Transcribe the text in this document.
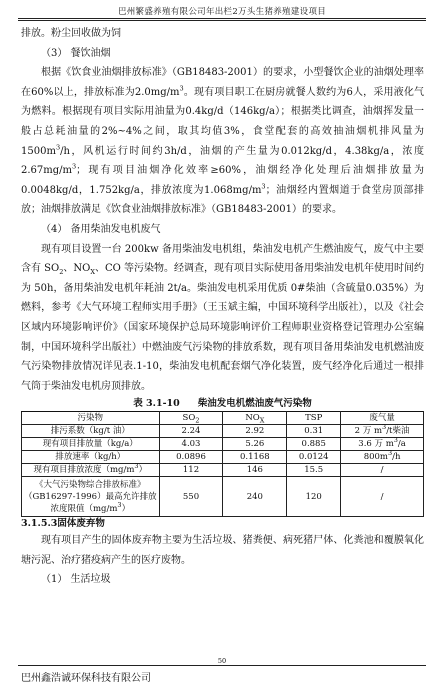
巴州繁盛养殖有限公司年出栏2万头生猪养殖建设项目

排放。粉尘回收做为饲

（3） 餐饮油烟

根据《饮食业油烟排放标准》（GB18483-2001）的要求，小型餐饮企业的油烟处理率在60%以上，排放标准为$2.0mg/m^3$。现有项目职工在厨房就餐人数约为6人，采用液化气为燃料。根据现有项目实际用油量为0.4kg/d（146kg/a）；根据类比调查，油烟挥发量一般占总耗油量的2%~4%之间，取其均值3%，食堂配套的高效抽油烟机排风量为$1500m^3/h$，风机运行时间约3h/d，油烟的产生量为0.012kg/d，4.38kg/a，浓度$2.67mg/m^3$；现有项目油烟净化效率≥60%，油烟经净化处理后油烟排放量为0.0048kg/d，1.752kg/a，排放浓度为$1.068mg/m^3$；油烟经内置烟道于食堂房顶部排放；油烟排放满足《饮食业油烟排放标准》（GB18483-2001）的要求。

（4） 备用柴油发电机废气

现有项目设置一台 200kw 备用柴油发电机组，柴油发电机产生燃油废气，废气中主要含有 $SO_2$、$NO_X$、CO 等污染物。经调查，现有项目实际使用备用柴油发电机年使用时间约为 50h，备用柴油发电机年耗油 2t/a。柴油发电机采用优质 0#柴油（含硫量0.035%）为燃料，参考《大气环境工程师实用手册》（王玉斌主编，中国环境科学出版社），以及《社会区域内环境影响评价》（国家环境保护总局环境影响评价工程师职业资格登记管理办公室编制，中国环境科学出版社）中燃油废气污染物的排放系数，现有项目备用柴油发电机燃油废气污染物排放情况详见表.1-10，柴油发电机配套烟气净化装置，废气经净化后通过一根排气筒于柴油发电机房顶排放。

表 3.1-10 柴油发电机燃油废气污染物
污染物	$SO_2$	$NO_X$	TSP	废气量
排污系数（kg/t 油）	2.24	2.92	0.31	2 万 $m^3/t$柴油
现有项目排放量（kg/a）	4.03	5.26	0.885	3.6 万 $m^3/a$
排放速率（kg/h）	0.0896	0.1168	0.0124	$800m^3/h$
现有项目排放浓度$(mg/m^3)$	112	146	15.5	/
《大气污染物综合排放标准》
（GB16297-1996）最高允许排放
浓度限值$(mg/m^3)$	550	240	120	/

3.1.5.3固体废弃物

现有项目产生的固体废弃物主要为生活垃圾、猪粪便、病死猪尸体、化粪池和覆膜氧化塘污泥、治疗猪疫病产生的医疗废物。

（1） 生活垃圾

50
巴州鑫浩诚环保科技有限公司
